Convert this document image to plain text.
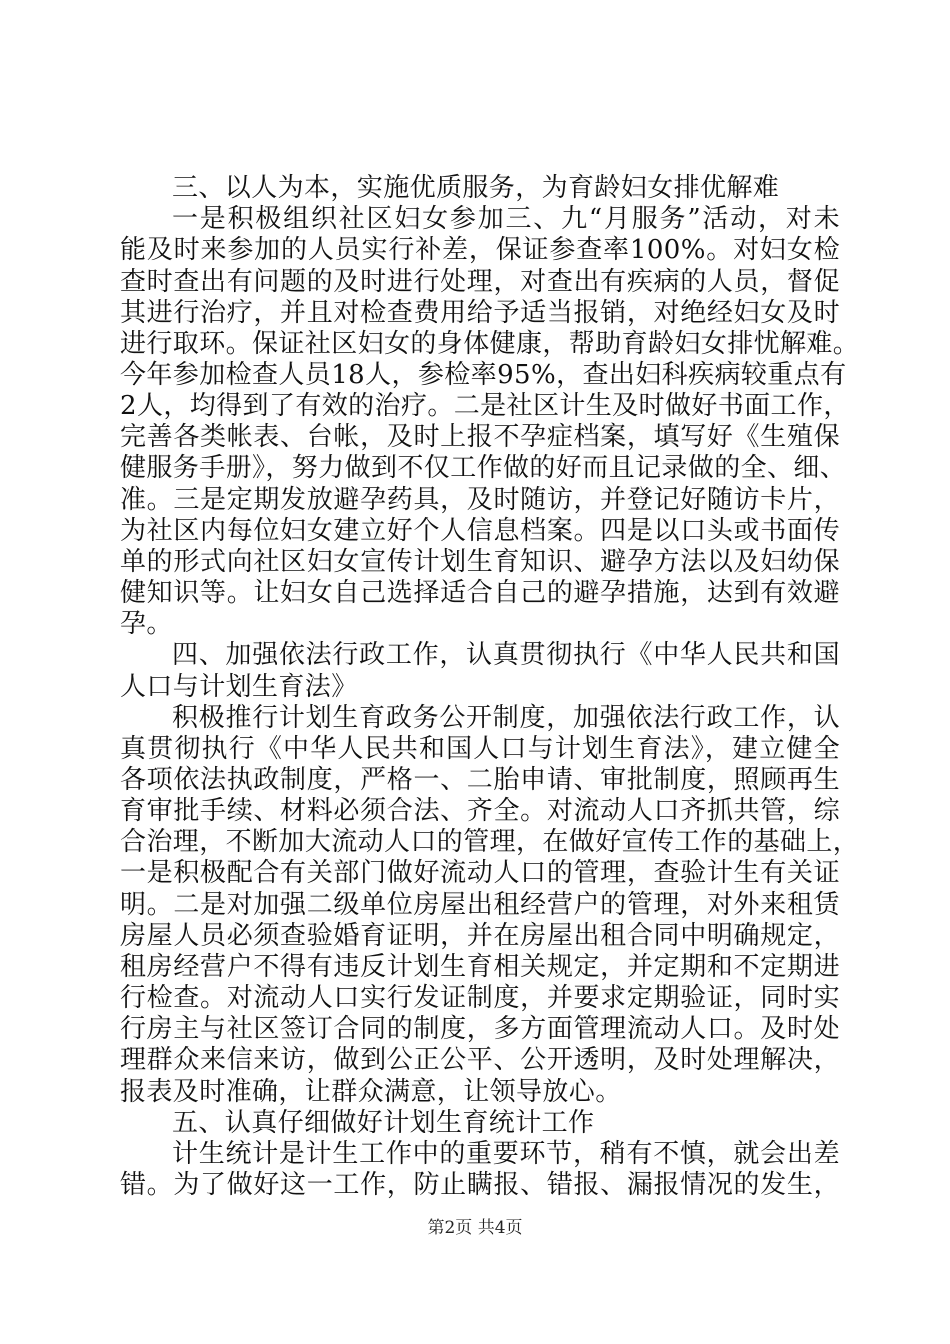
三、以人为本，实施优质服务，为育龄妇女排优解难
一是积极组织社区妇女参加三、九“月服务”活动，对未
能及时来参加的人员实行补差，保证参查率100%。对妇女检
查时查出有问题的及时进行处理，对查出有疾病的人员，督促
其进行治疗，并且对检查费用给予适当报销，对绝经妇女及时
进行取环。保证社区妇女的身体健康，帮助育龄妇女排忧解难。
今年参加检查人员18人，参检率95%，查出妇科疾病较重点有
2人，均得到了有效的治疗。二是社区计生及时做好书面工作，
完善各类帐表、台帐，及时上报不孕症档案，填写好《生殖保
健服务手册》，努力做到不仅工作做的好而且记录做的全、细、
准。三是定期发放避孕药具，及时随访，并登记好随访卡片，
为社区内每位妇女建立好个人信息档案。四是以口头或书面传
单的形式向社区妇女宣传计划生育知识、避孕方法以及妇幼保
健知识等。让妇女自己选择适合自己的避孕措施，达到有效避
孕。
四、加强依法行政工作，认真贯彻执行《中华人民共和国
人口与计划生育法》
积极推行计划生育政务公开制度，加强依法行政工作，认
真贯彻执行《中华人民共和国人口与计划生育法》，建立健全
各项依法执政制度，严格一、二胎申请、审批制度，照顾再生
育审批手续、材料必须合法、齐全。对流动人口齐抓共管，综
合治理，不断加大流动人口的管理，在做好宣传工作的基础上，
一是积极配合有关部门做好流动人口的管理，查验计生有关证
明。二是对加强二级单位房屋出租经营户的管理，对外来租赁
房屋人员必须查验婚育证明，并在房屋出租合同中明确规定，
租房经营户不得有违反计划生育相关规定，并定期和不定期进
行检查。对流动人口实行发证制度，并要求定期验证，同时实
行房主与社区签订合同的制度，多方面管理流动人口。及时处
理群众来信来访，做到公正公平、公开透明，及时处理解决，
报表及时准确，让群众满意，让领导放心。
五、认真仔细做好计划生育统计工作
计生统计是计生工作中的重要环节，稍有不慎，就会出差
错。为了做好这一工作，防止瞒报、错报、漏报情况的发生，
第2页 共4页
